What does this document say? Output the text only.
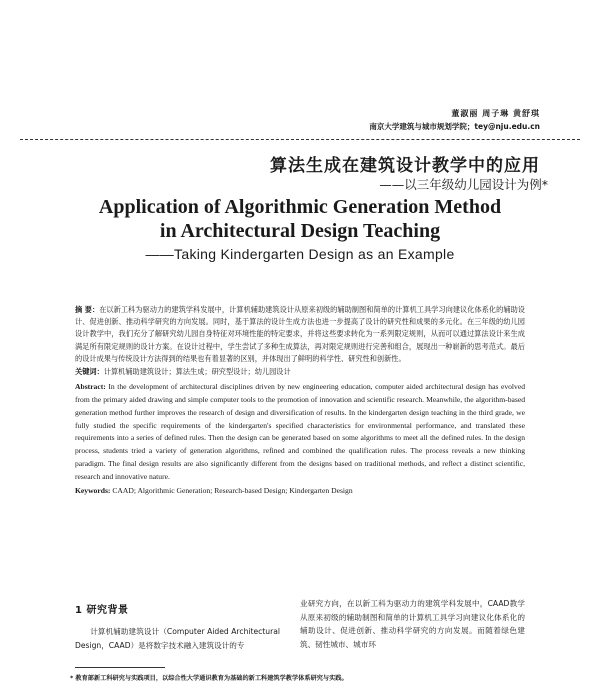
董淑丽 周子琳 黄舒琪
南京大学建筑与城市规划学院；tey@nju.edu.cn
算法生成在建筑设计教学中的应用
——以三年级幼儿园设计为例*
Application of Algorithmic Generation Method
in Architectural Design Teaching
——Taking Kindergarten Design as an Example
摘 要：在以新工科为驱动力的建筑学科发展中，计算机辅助建筑设计从原来初级的辅助制图和简单的计算机工具学习向建议化体系化的辅助设计、促进创新、推动科学研究的方向发展。同时，基于算法的设计生成方法也进一步提高了设计的研究性和成果的多元化。在三年级的幼儿园设计教学中，我们充分了解研究幼儿园自身特征对环境性能的特定要求，并将这些要求转化为一系列限定规则，从而可以通过算法设计来生成满足所有限定规则的设计方案。在设计过程中，学生尝试了多种生成算法，再对限定规则进行完善和组合，展现出一种崭新的思考范式。最后的设计成果与传统设计方法得到的结果也有着显著的区别，并体现出了鲜明的科学性、研究性和创新性。
关键词：计算机辅助建筑设计；算法生成；研究型设计；幼儿园设计
Abstract: In the development of architectural disciplines driven by new engineering education, computer aided architectural design has evolved from the primary aided drawing and simple computer tools to the promotion of innovation and scientific research. Meanwhile, the algorithm-based generation method further improves the research of design and diversification of results. In the kindergarten design teaching in the third grade, we fully studied the specific requirements of the kindergarten's specified characteristics for environmental performance, and translated these requirements into a series of defined rules. Then the design can be generated based on some algorithms to meet all the defined rules. In the design process, students tried a variety of generation algorithms, refined and combined the qualification rules. The process reveals a new thinking paradigm. The final design results are also significantly different from the designs based on traditional methods, and reflect a distinct scientific, research and innovative nature.
Keywords: CAAD; Algorithmic Generation; Research-based Design; Kindergarten Design
1 研究背景
计算机辅助建筑设计（Computer Aided Architectural Design，CAAD）是将数字技术融入建筑设计的专
业研究方向，在以新工科为驱动力的建筑学科发展中，CAAD教学从原来初级的辅助制图和简单的计算机工具学习向建议化体系化的辅助设计、促进创新、推动科学研究的方向发展。而随着绿色建筑、韧性城市、城市环
* 教育部新工科研究与实践项目，以综合性大学通识教育为基础的新工科建筑学教学体系研究与实践。
